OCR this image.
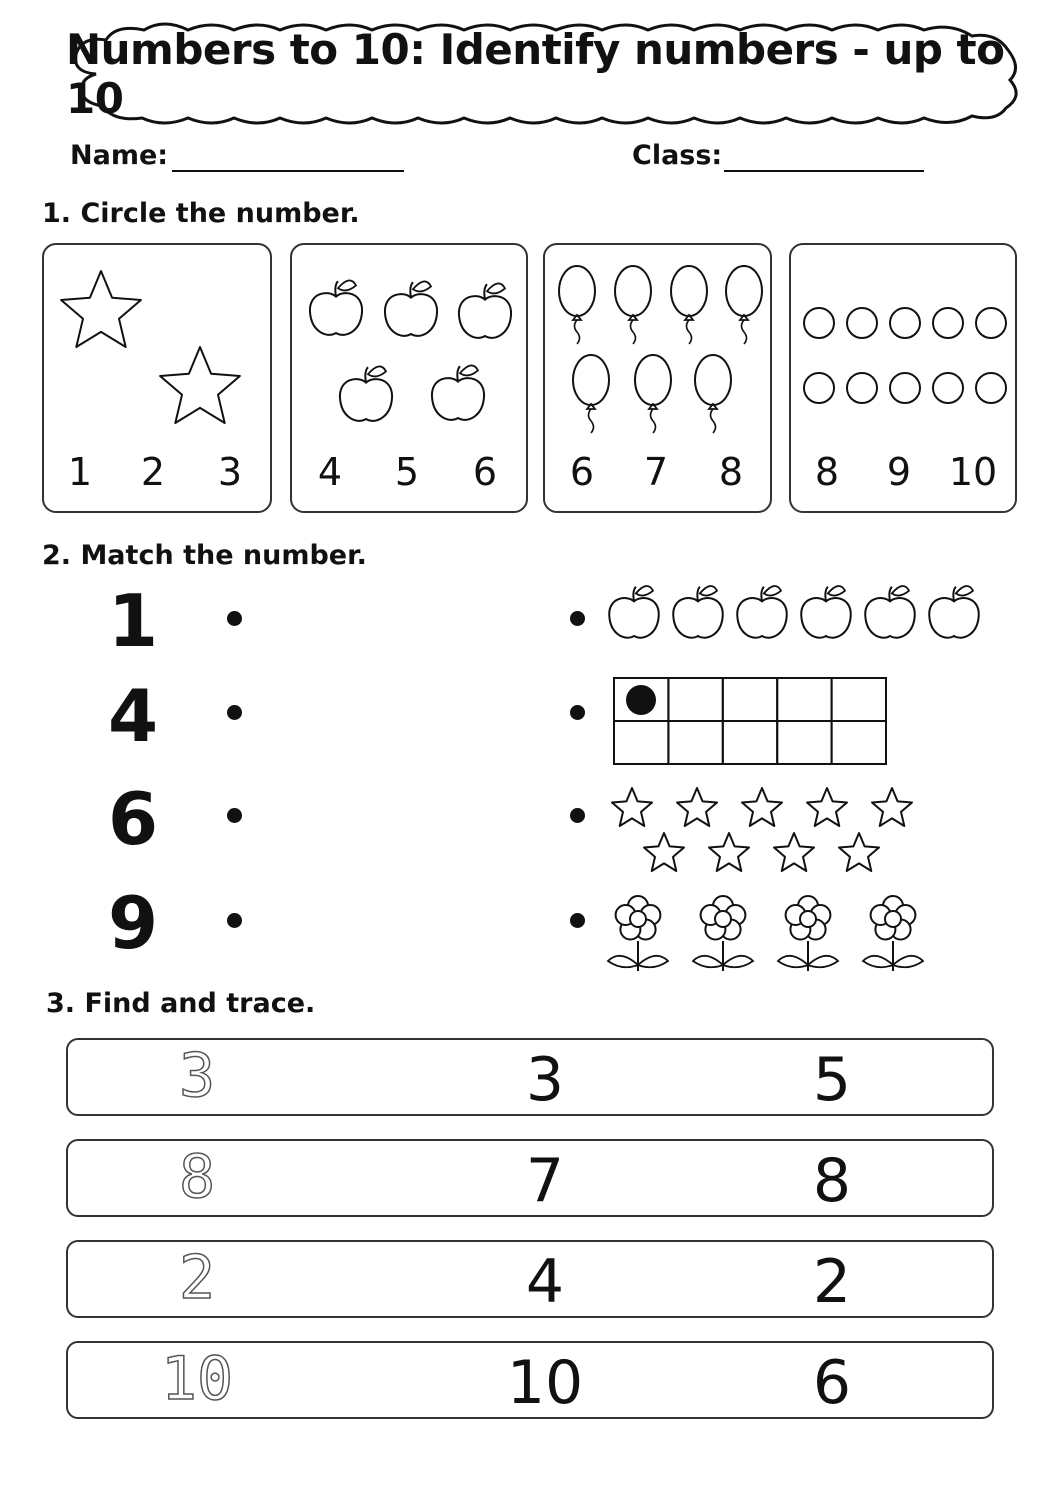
Numbers to 10: Identify numbers - up to 10
Name:	Class:
1. Circle the number.
1 2 3 4 5 6 6 7 8 8 9 10
2. Match the number.
1
4
6
9
3. Find and trace.
3	3	5
8	7	8
2	4	2
10	10	6
